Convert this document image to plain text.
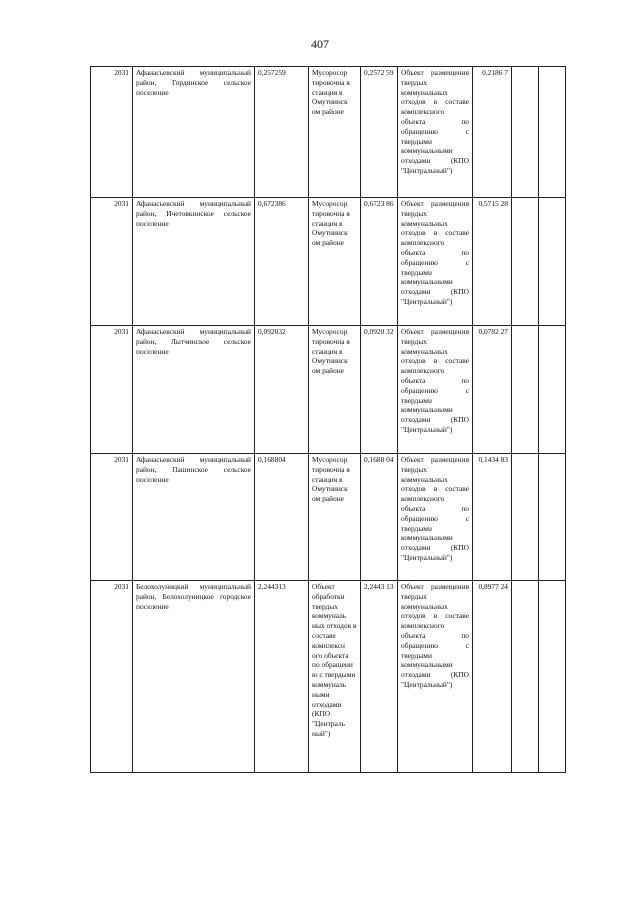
407
2031	Афанасьевский муниципальный район, Гординское сельское поселение	0,257259	Мусоросор тировочна я станция в Омутнинск ом районе	0,2572 59	Объект размещения твердых коммунальных отходов в составе комплексного объекта по обращению с твердыми коммунальными отходами (КПО "Центральный")	0,2186 7		
2031	Афанасьевский муниципальный район, Ичетовкинское сельское поселение	0,672386	Мусоросор тировочна я станция в Омутнинск ом районе	0,6723 86	Объект размещения твердых коммунальных отходов в составе комплексного объекта по обращению с твердыми коммунальными отходами (КПО "Центральный")	0,5715 28		
2031	Афанасьевский муниципальный район, Лытчинское сельское поселение	0,092032	Мусоросор тировочна я станция в Омутнинск ом районе	0,0920 32	Объект размещения твердых коммунальных отходов в составе комплексного объекта по обращению с твердыми коммунальными отходами (КПО "Центральный")	0,0782 27		
2031	Афанасьевский муниципальный район, Пашинское сельское поселение	0,168804	Мусоросор тировочна я станция в Омутнинск ом районе	0,1688 04	Объект размещения твердых коммунальных отходов в составе комплексного объекта по обращению с твердыми коммунальными отходами (КПО "Центральный")	0,1434 83		
2031	Белохолуницкий муниципальный район, Белохолуницкое городское поселение	2,244313	Объект обработки твердых коммуналь ных отходов в составе комплексн ого объекта по обращени ю с твердыми коммуналь ными отходами (КПО "Централь ный")	2,2443 13	Объект размещения твердых коммунальных отходов в составе комплексного объекта по обращению с твердыми коммунальными отходами (КПО "Центральный")	0,8977 24		
